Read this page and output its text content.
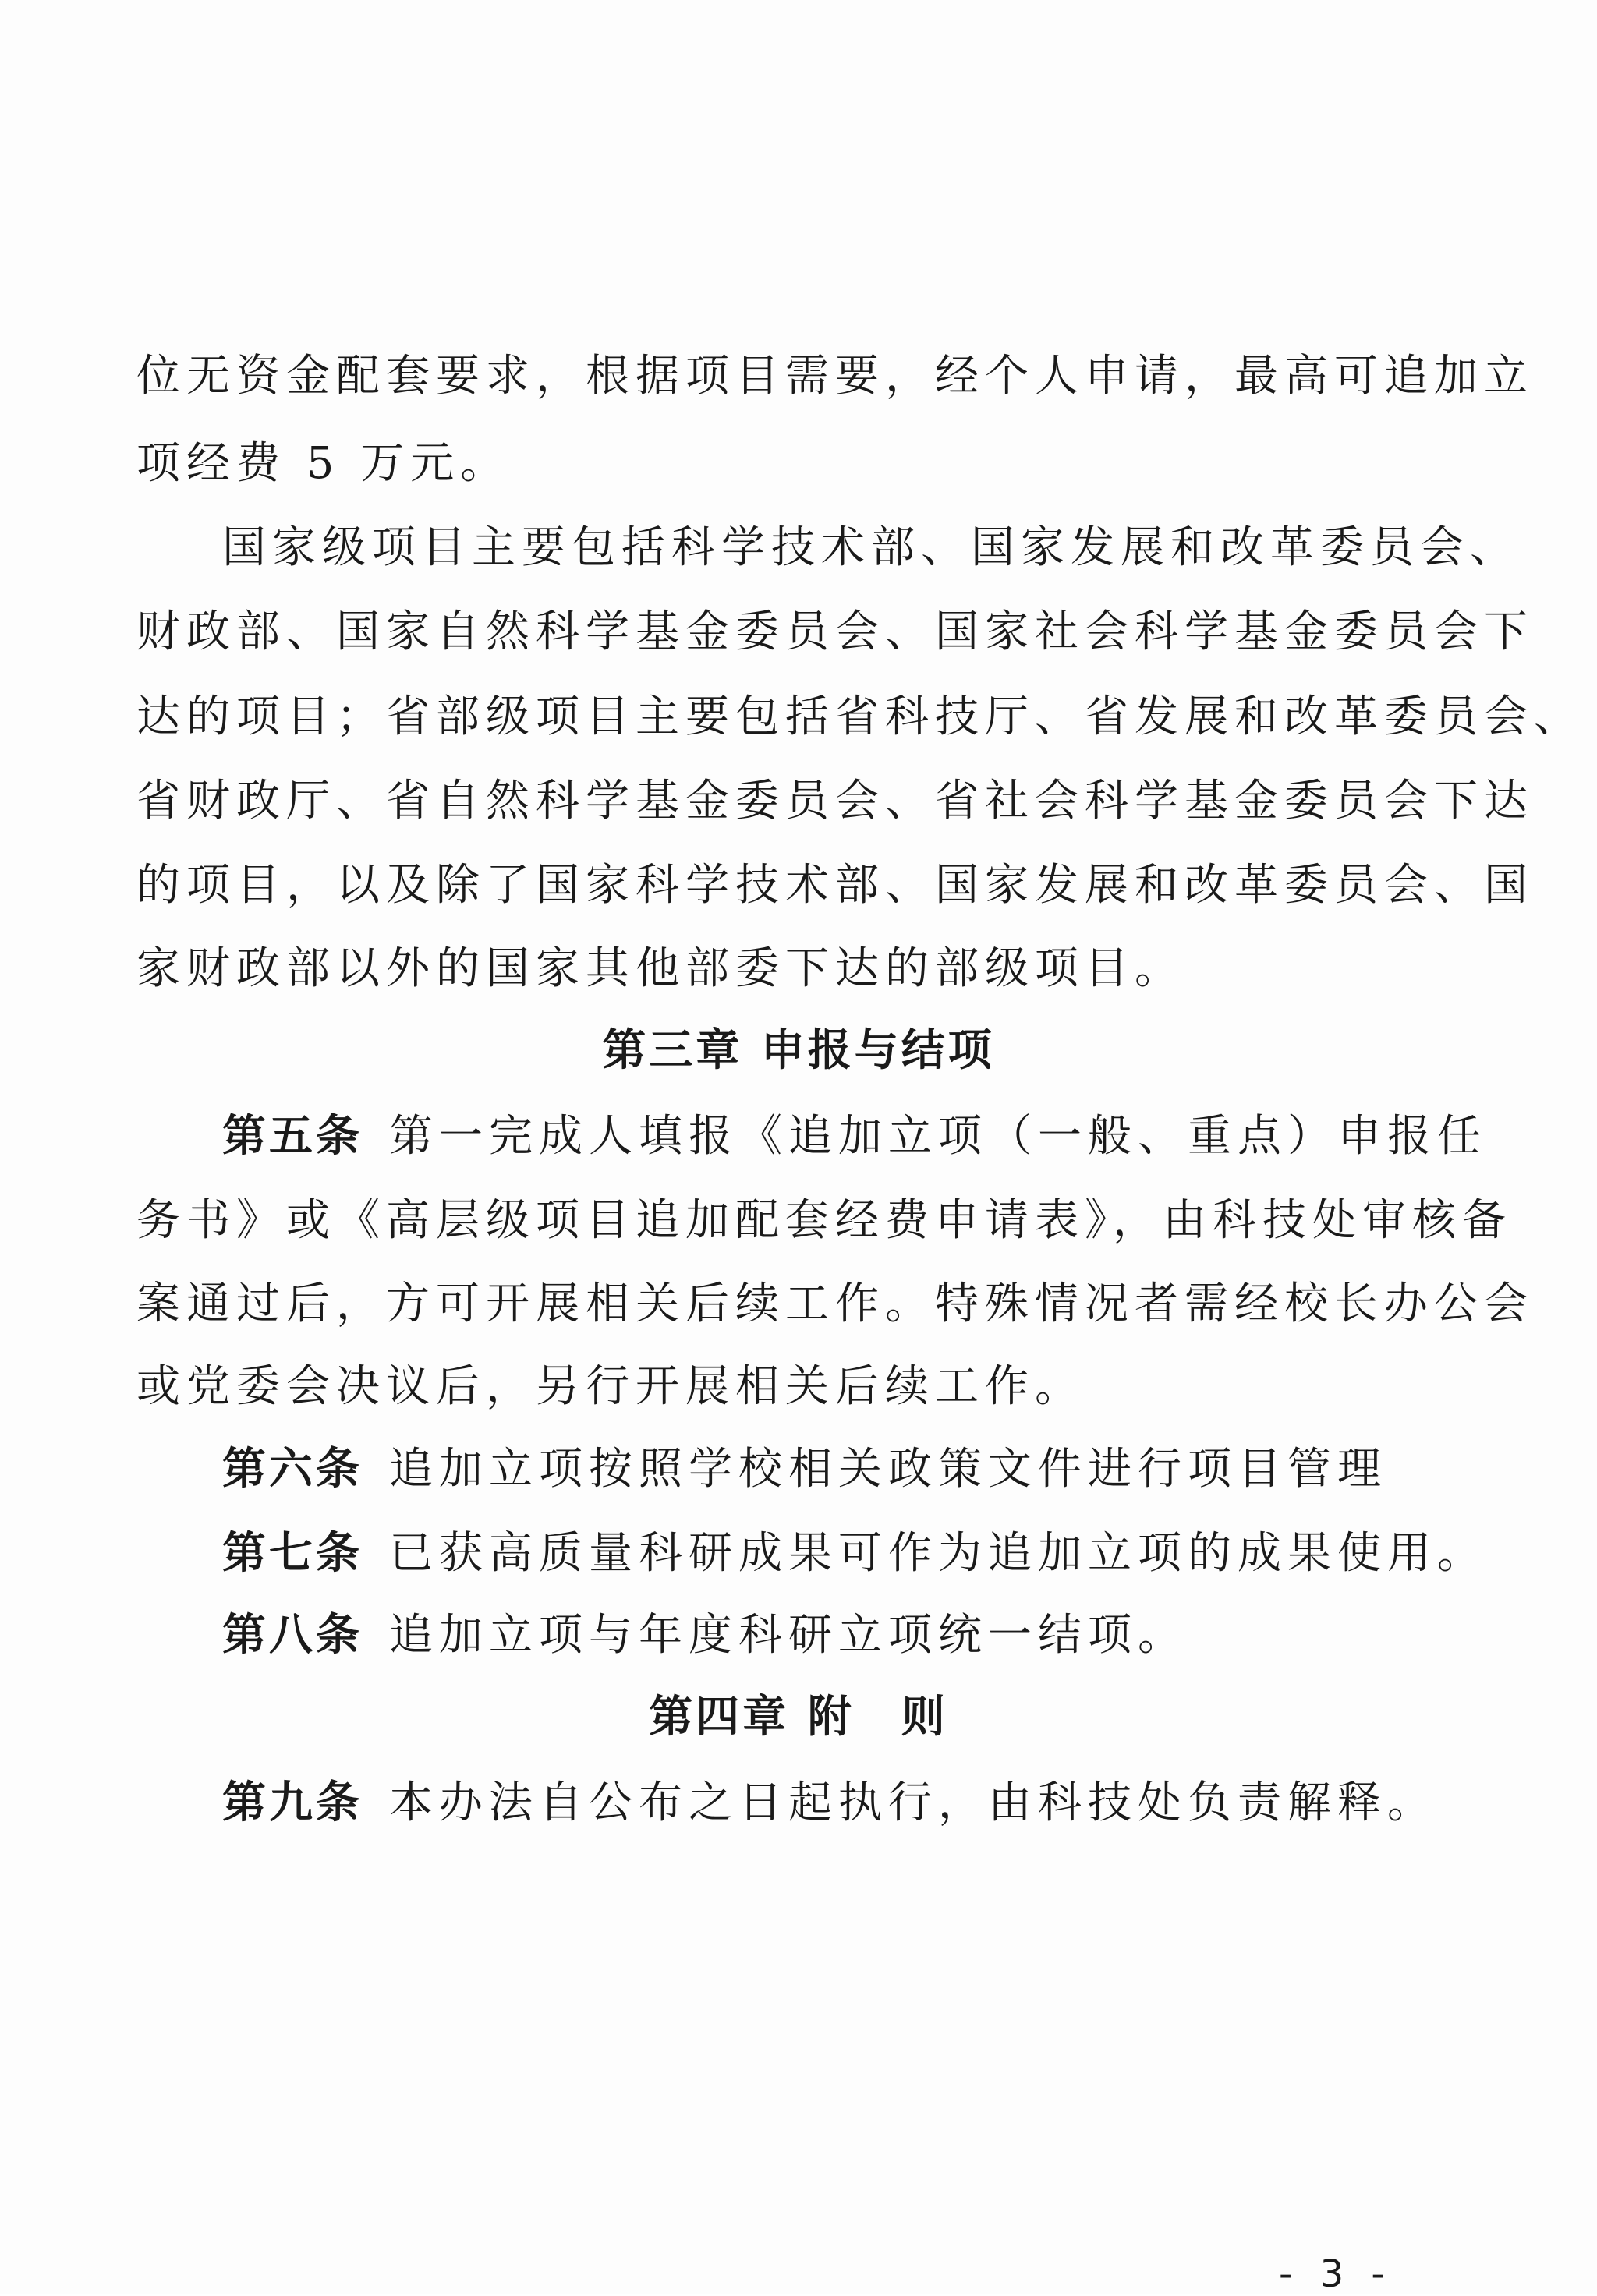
位无资金配套要求，根据项目需要，经个人申请，最高可追加立
项经费 5 万元。
国家级项目主要包括科学技术部、国家发展和改革委员会、
财政部、国家自然科学基金委员会、国家社会科学基金委员会下
达的项目；省部级项目主要包括省科技厅、省发展和改革委员会、
省财政厅、省自然科学基金委员会、省社会科学基金委员会下达
的项目，以及除了国家科学技术部、国家发展和改革委员会、国
家财政部以外的国家其他部委下达的部级项目。
第三章 申报与结项
第五条 第一完成人填报《追加立项（一般、重点）申报任
务书》或《高层级项目追加配套经费申请表》，由科技处审核备
案通过后，方可开展相关后续工作。特殊情况者需经校长办公会
或党委会决议后，另行开展相关后续工作。
第六条 追加立项按照学校相关政策文件进行项目管理
第七条 已获高质量科研成果可作为追加立项的成果使用。
第八条 追加立项与年度科研立项统一结项。
第四章 附　则
第九条 本办法自公布之日起执行，由科技处负责解释。
- 3 -
